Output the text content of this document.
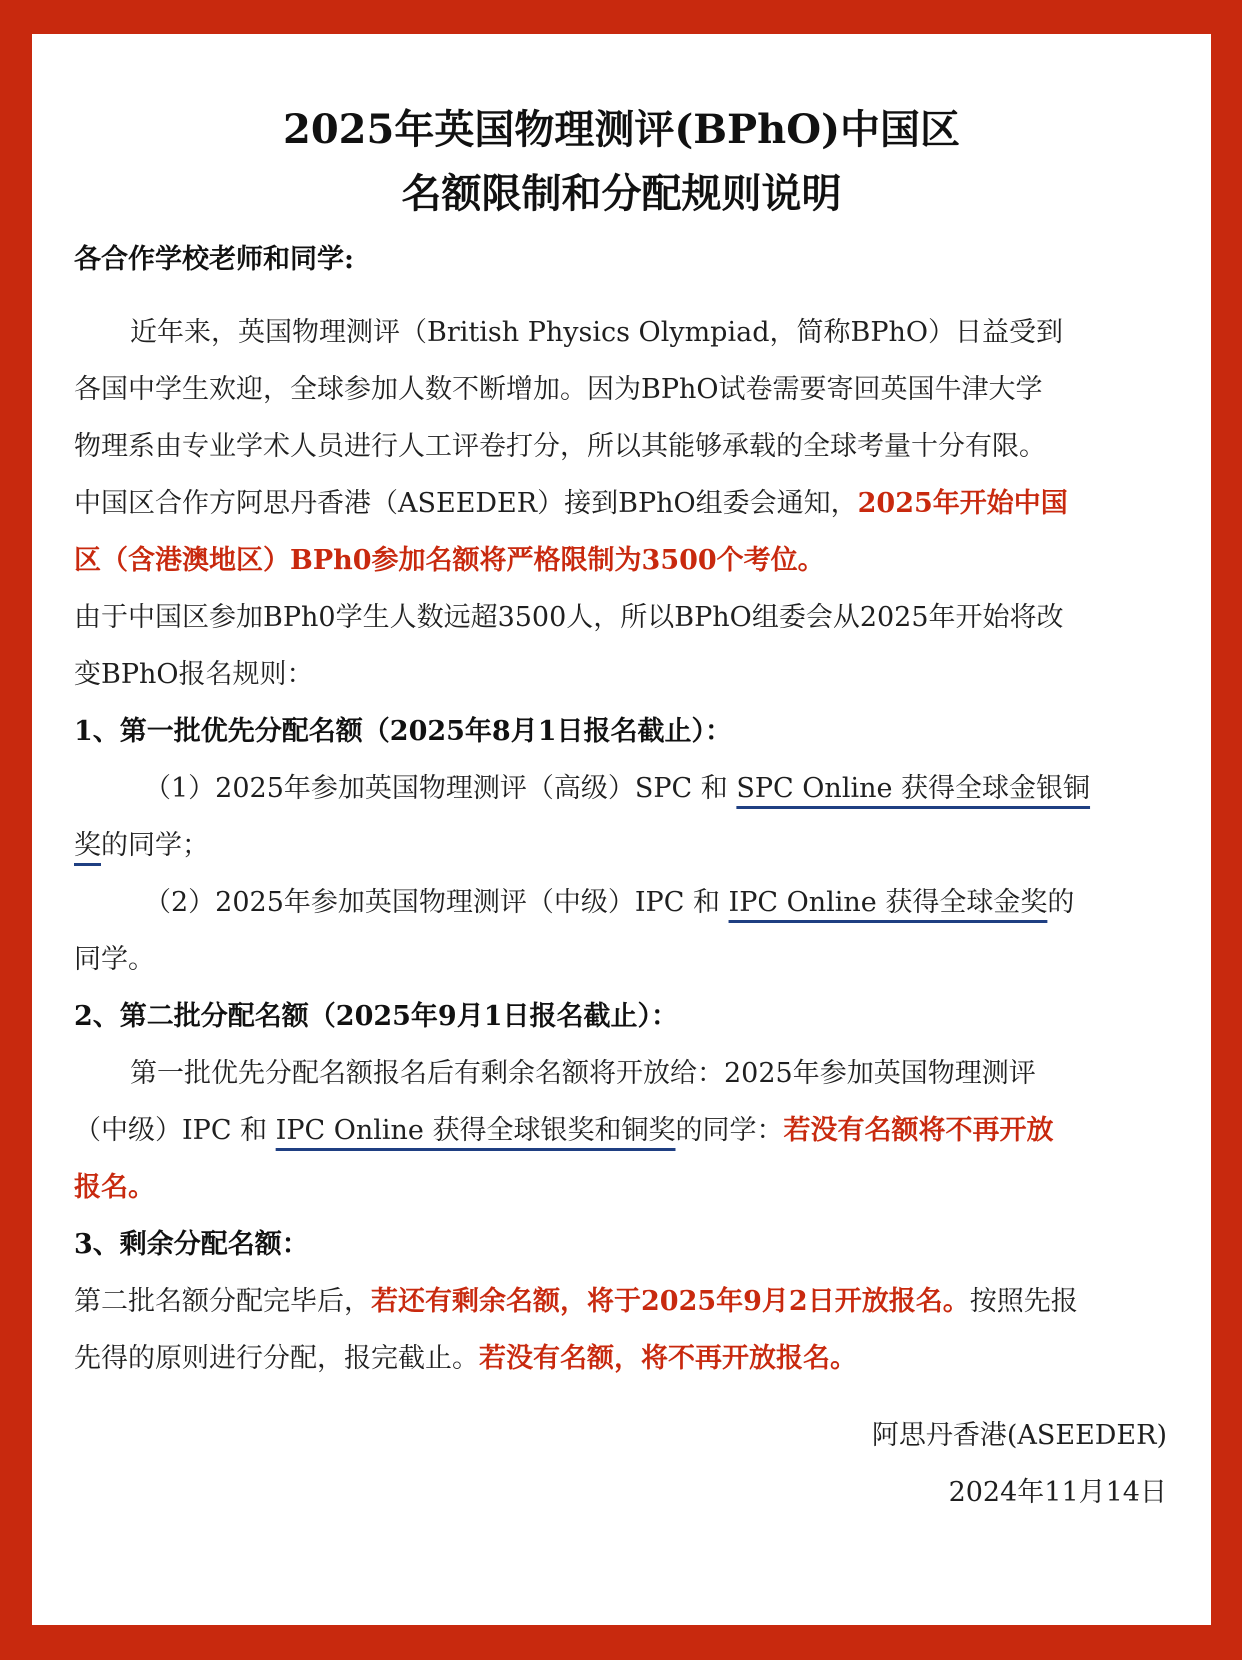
2025年英国物理测评(BPhO)中国区
名额限制和分配规则说明
各合作学校老师和同学:
近年来，英国物理测评（British Physics Olympiad，简称BPhO）日益受到
各国中学生欢迎，全球参加人数不断增加。因为BPhO试卷需要寄回英国牛津大学
物理系由专业学术人员进行人工评卷打分，所以其能够承载的全球考量十分有限。
中国区合作方阿思丹香港（ASEEDER）接到BPhO组委会通知，2025年开始中国
区（含港澳地区）BPh0参加名额将严格限制为3500个考位。
由于中国区参加BPh0学生人数远超3500人，所以BPhO组委会从2025年开始将改
变BPhO报名规则：
1、第一批优先分配名额（2025年8月1日报名截止）：
（1）2025年参加英国物理测评（高级）SPC 和 SPC Online 获得全球金银铜
奖的同学；
（2）2025年参加英国物理测评（中级）IPC 和 IPC Online 获得全球金奖的
同学。
2、第二批分配名额（2025年9月1日报名截止）：
第一批优先分配名额报名后有剩余名额将开放给：2025年参加英国物理测评
（中级）IPC 和 IPC Online 获得全球银奖和铜奖的同学：若没有名额将不再开放
报名。
3、剩余分配名额：
第二批名额分配完毕后，若还有剩余名额，将于2025年9月2日开放报名。按照先报
先得的原则进行分配，报完截止。若没有名额，将不再开放报名。
阿思丹香港(ASEEDER)
2024年11月14日
